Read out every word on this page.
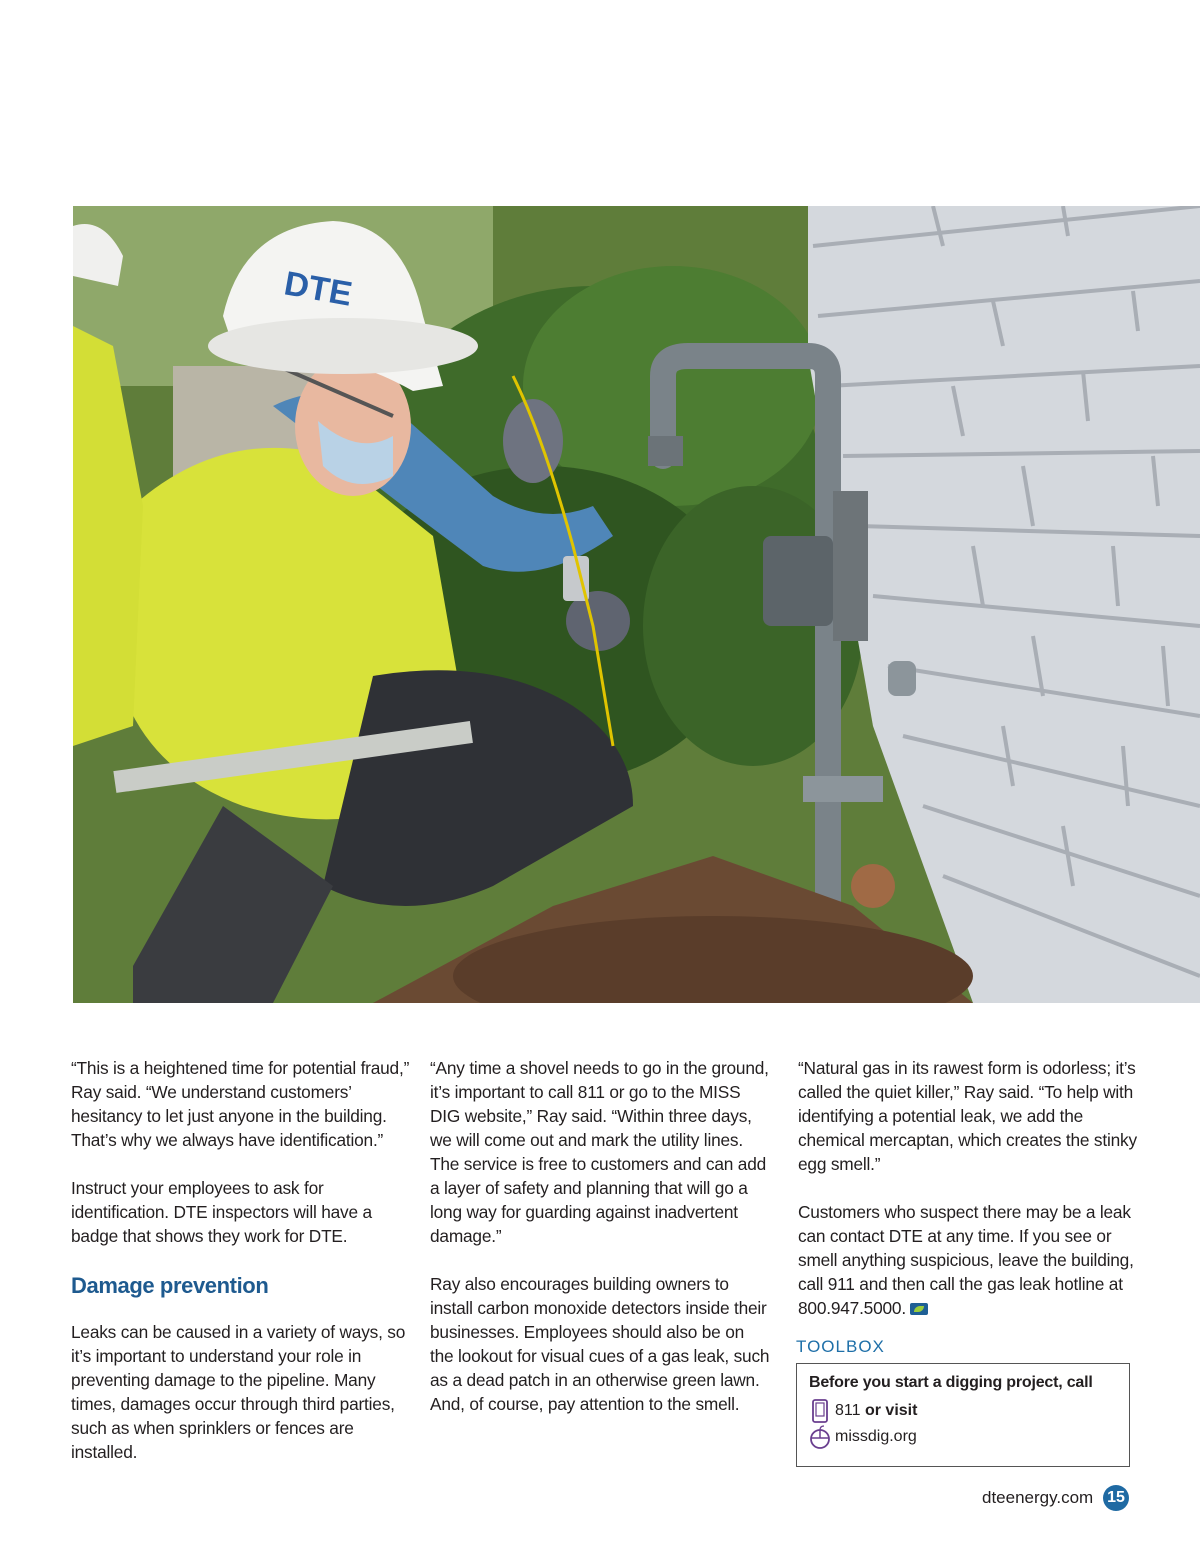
DTE

“This is a heightened time for potential fraud,” Ray said. “We understand customers’ hesitancy to let just anyone in the building. That’s why we always have identification.”

Instruct your employees to ask for identification. DTE inspectors will have a badge that shows they work for DTE.

Damage prevention

Leaks can be caused in a variety of ways, so it’s important to understand your role in preventing damage to the pipeline. Many times, damages occur through third parties, such as when sprinklers or fences are installed.

“Any time a shovel needs to go in the ground, it’s important to call 811 or go to the MISS DIG website,” Ray said. “Within three days, we will come out and mark the utility lines. The service is free to customers and can add a layer of safety and planning that will go a long way for guarding against inadvertent damage.”

Ray also encourages building owners to install carbon monoxide detectors inside their businesses. Employees should also be on the lookout for visual cues of a gas leak, such as a dead patch in an otherwise green lawn. And, of course, pay attention to the smell.

“Natural gas in its rawest form is odorless; it’s called the quiet killer,” Ray said. “To help with identifying a potential leak, we add the chemical mercaptan, which creates the stinky egg smell.”

Customers who suspect there may be a leak can contact DTE at any time. If you see or smell anything suspicious, leave the building, call 911 and then call the gas leak hotline at 800.947.5000.

TOOLBOX
Before you start a digging project, call
811
or visit
missdig.org
dteenergy.com 15
